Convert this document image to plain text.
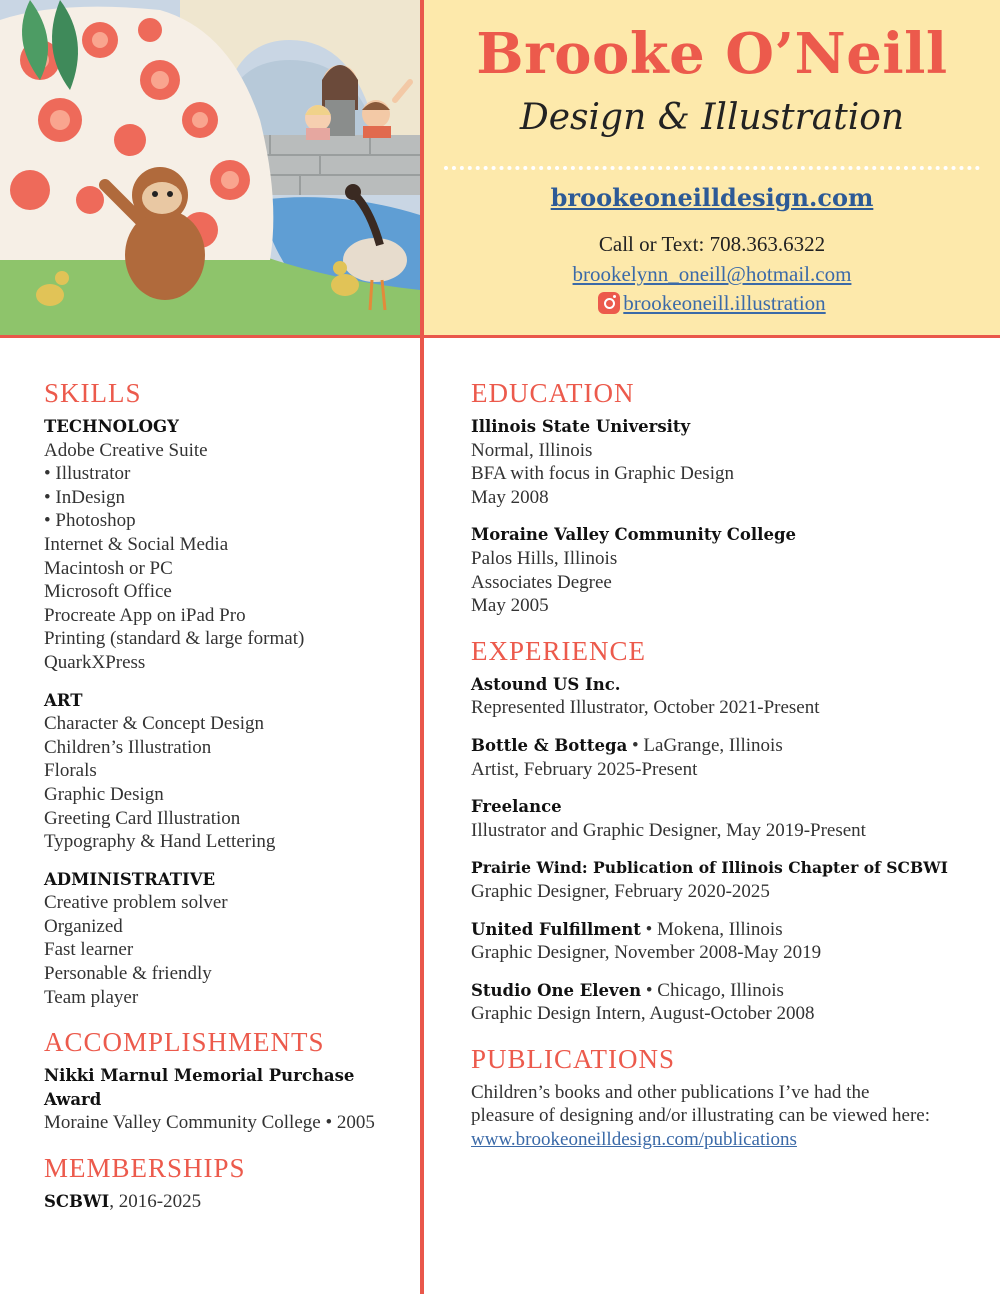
Brooke O’Neill
Design & Illustration
brookeoneilldesign.com
Call or Text: 708.363.6322
brookelynn_oneill@hotmail.com
brookeoneill.illustration
SKILLS
TECHNOLOGY
Adobe Creative Suite
• Illustrator
• InDesign
• Photoshop
Internet & Social Media
Macintosh or PC
Microsoft Office
Procreate App on iPad Pro
Printing (standard & large format)
QuarkXPress
ART
Character & Concept Design
Children’s Illustration
Florals
Graphic Design
Greeting Card Illustration
Typography & Hand Lettering
ADMINISTRATIVE
Creative problem solver
Organized
Fast learner
Personable & friendly
Team player
ACCOMPLISHMENTS
Nikki Marnul Memorial Purchase Award
Moraine Valley Community College • 2005
MEMBERSHIPS
SCBWI, 2016-2025
EDUCATION
Illinois State University
Normal, Illinois
BFA with focus in Graphic Design
May 2008
Moraine Valley Community College
Palos Hills, Illinois
Associates Degree
May 2005
EXPERIENCE
Astound US Inc.
Represented Illustrator, October 2021-Present
Bottle & Bottega • LaGrange, Illinois
Artist, February 2025-Present
Freelance
Illustrator and Graphic Designer, May 2019-Present
Prairie Wind: Publication of Illinois Chapter of SCBWI
Graphic Designer, February 2020-2025
United Fulfillment • Mokena, Illinois
Graphic Designer, November 2008-May 2019
Studio One Eleven • Chicago, Illinois
Graphic Design Intern, August-October 2008
PUBLICATIONS
Children’s books and other publications I’ve had the pleasure of designing and/or illustrating can be viewed here:
www.brookeoneilldesign.com/publications
